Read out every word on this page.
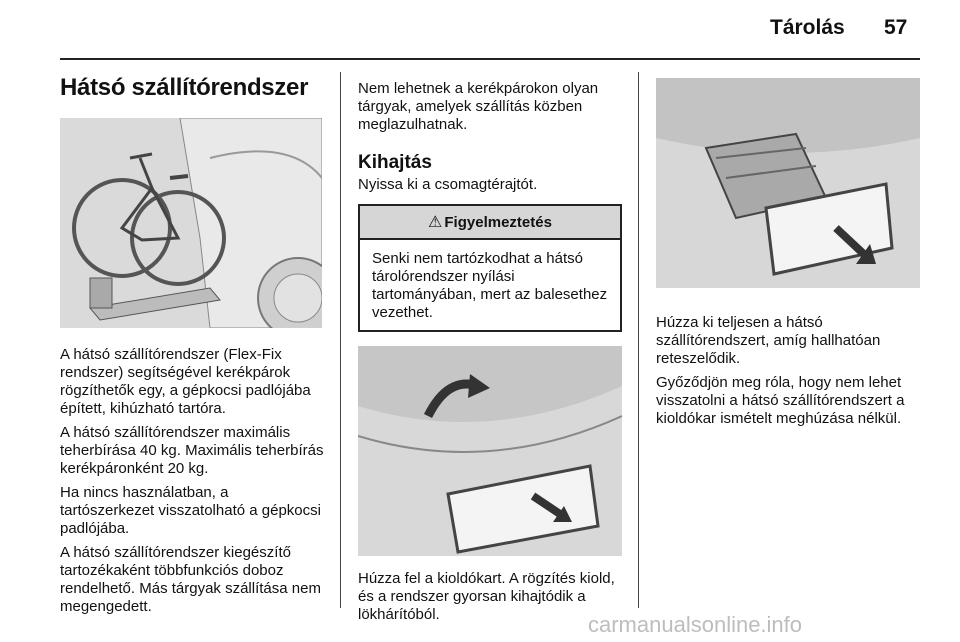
Tárolás 57
Hátsó szállítórendszer

A hátsó szállítórendszer (Flex-Fix rendszer) segítségével kerékpárok rögzíthetők egy, a gépkocsi padlójába épített, kihúzható tartóra.

A hátsó szállítórendszer maximális teherbírása 40 kg. Maximális teherbírás kerékpáronként 20 kg.

Ha nincs használatban, a tartószerkezet visszatolható a gépkocsi padlójába.

A hátsó szállítórendszer kiegészítő tartozékaként többfunkciós doboz rendelhető. Más tárgyak szállítása nem megengedett.

Nem lehetnek a kerékpárokon olyan tárgyak, amelyek szállítás közben meglazulhatnak.

Kihajtás

Nyissa ki a csomagtérajtót.

⚠ Figyelmeztetés

Senki nem tartózkodhat a hátsó tárolórendszer nyílási tartományában, mert az balesethez vezethet.

Húzza fel a kioldókart. A rögzítés kiold, és a rendszer gyorsan kihajtódik a lökhárítóból.

Húzza ki teljesen a hátsó szállítórendszert, amíg hallhatóan reteszelődik.

Győződjön meg róla, hogy nem lehet visszatolni a hátsó szállítórendszert a kioldókar ismételt meghúzása nélkül.

carmanualsonline.info
